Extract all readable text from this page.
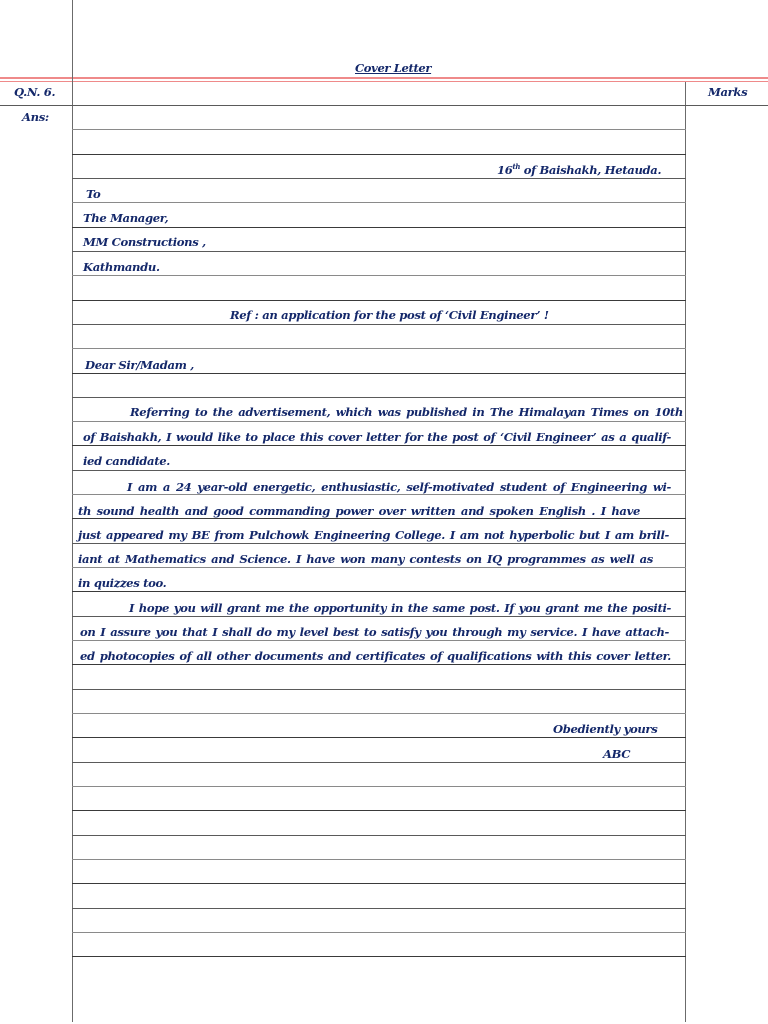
Cover Letter
Q.N. 6.
Ans:
Marks
16th of Baishakh, Hetauda.
To
The Manager,
MM Constructions ,
Kathmandu.
Ref : an application for the post of ‘Civil Engineer’ !
Dear Sir/Madam ,
Referring to the advertisement, which was published in The Himalayan Times on 10th
of Baishakh, I would like to place this cover letter for the post of ‘Civil Engineer’ as a qualif-
ied candidate.
I am a 24 year-old energetic, enthusiastic, self-motivated student of Engineering wi-
th sound health and good commanding power over written and spoken English . I have
just appeared my BE from Pulchowk Engineering College. I am not hyperbolic but I am brill-
iant at Mathematics and Science. I have won many contests on IQ programmes as well as
in quizzes too.
I hope you will grant me the opportunity in the same post. If you grant me the positi-
on I assure you that I shall do my level best to satisfy you through my service. I have attach-
ed photocopies of all other documents and certificates of qualifications with this cover letter.
Obediently yours
ABC
